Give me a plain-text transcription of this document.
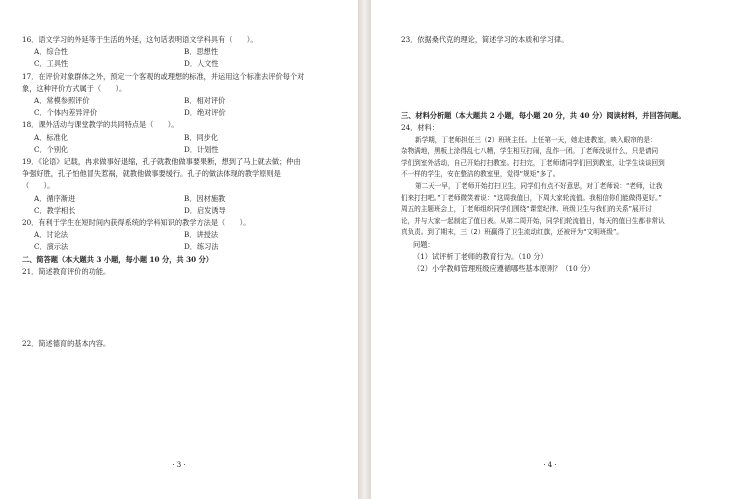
16．语文学习的外延等于生活的外延，这句话表明语文学科具有（　　）。

A．综合性	B．思想性
C．工具性	D．人文性

17．在评价对象群体之外，预定一个客观的或理想的标准，并运用这个标准去评价每个对

象，这种评价方式属于（　　）。

A．常模参照评价	B．相对评价
C．个体内差异评价	D．绝对评价

18．课外活动与课堂教学的共同特点是（　　）。

A．标准化	B．同步化
C．个别化	D．计划性

19．《论语》记载，冉求做事好退缩，孔子就教他做事要果断，想到了马上就去做；仲由

争强好胜，孔子怕他冒失惹祸，就教他做事要缓行。孔子的做法体现的教学原则是

（　　）。

A．循序渐进	B．因材施教
C．教学相长	D．启发诱导

20．有利于学生在短时间内获得系统的学科知识的教学方法是（　　）。

A．讨论法	B．讲授法
C．演示法	D．练习法

二、简答题（本大题共 3 小题，每小题 10 分，共 30 分）

21．简述教育评价的功能。

22．简述德育的基本内容。

· 3 ·

23．依据桑代克的理论，简述学习的本质和学习律。

三、材料分析题（本大题共 2 小题，每小题 20 分，共 40 分）阅读材料，并回答问题。

24．材料：

新学期，丁老师担任三（2）班班主任。上任第一天，她走进教室，映入眼帘的是：

杂物满地，黑板上涂得乱七八糟，学生相互打闹，乱作一团。丁老师没说什么，只是请同

学们到室外活动，自己开始打扫教室。打扫完，丁老师请同学们回到教室，让学生谈谈回到

不一样的学生，安在整洁的教室里，觉得“规矩”多了。

第二天一早，丁老师开始打扫卫生，同学们有点不好意思，对丁老师说：“老师，让我

们来打扫吧。”丁老师微笑着说：“这周我值日，下周大家轮流值。我相信你们能做得更好。”

周五的主题班会上，丁老师组织同学们围绕“课堂纪律、班级卫生与我们的关系”展开讨

论，并与大家一起制定了值日表。从第二周开始，同学们轮流值日，每天的值日生都非常认

真负责。到了期末，三（2）班赢得了卫生流动红旗，还被评为“文明班级”。

问题：

（1）试评析丁老师的教育行为。（10 分）

（2）小学教师管理班级应遵循哪些基本原则？（10 分）

· 4 ·
